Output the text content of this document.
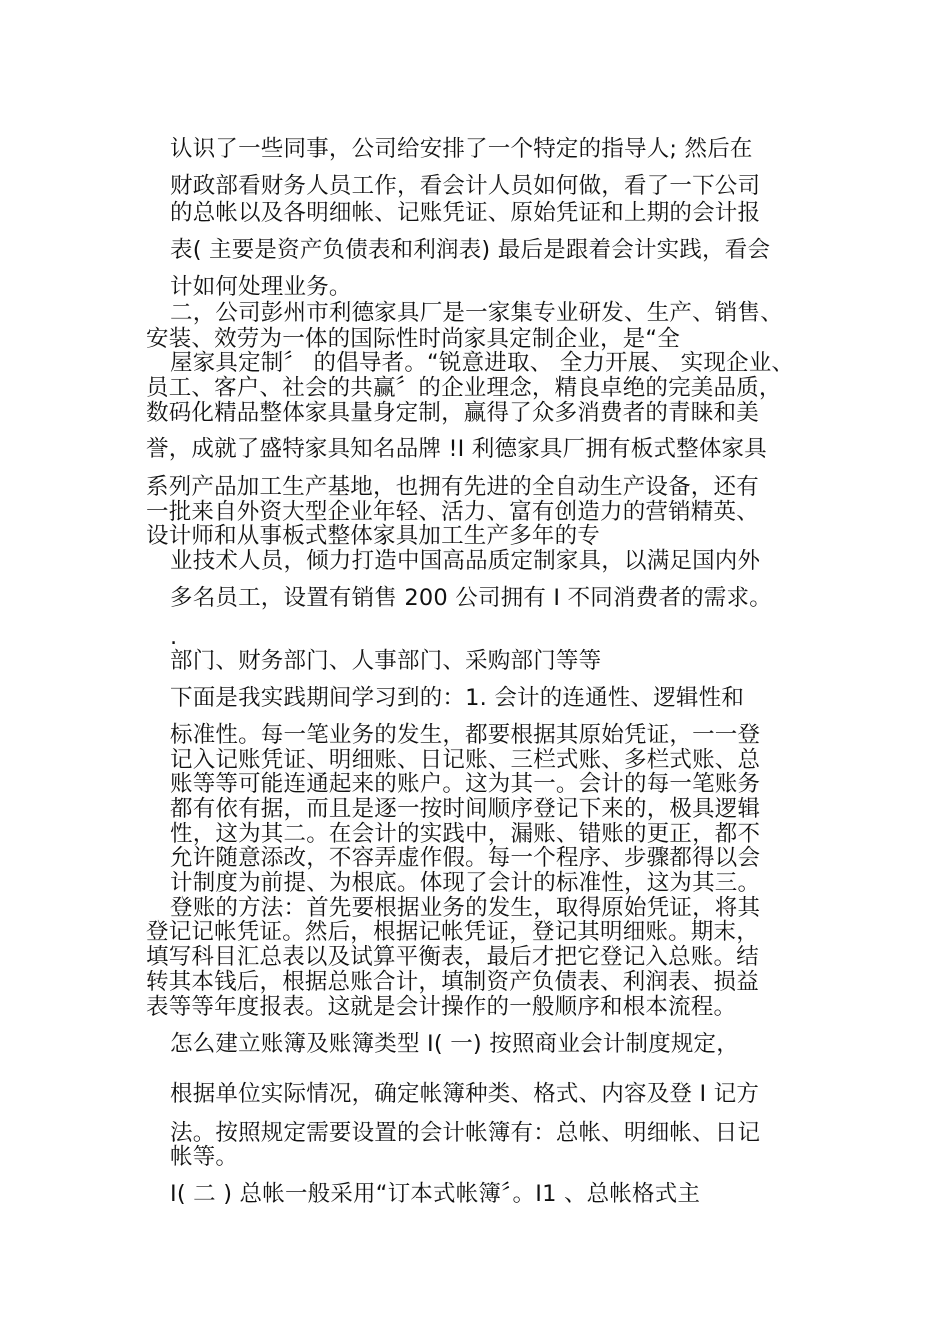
认识了一些同事，公司给安排了一个特定的指导人; 然后在

财政部看财务人员工作，看会计人员如何做，看了一下公司

的总帐以及各明细帐、记账凭证、原始凭证和上期的会计报

表( 主要是资产负债表和利润表) 最后是跟着会计实践，看会

计如何处理业务。

二，公司彭州市利德家具厂是一家集专业研发、生产、销售、

安装、效劳为一体的国际性时尚家具定制企业，是“全

屋家具定制〞 的倡导者。“锐意进取、 全力开展、 实现企业、

员工、客户、社会的共赢〞的企业理念，精良卓绝的完美品质，

数码化精品整体家具量身定制，赢得了众多消费者的青睐和美

誉，成就了盛特家具知名品牌 !I 利德家具厂拥有板式整体家具

系列产品加工生产基地，也拥有先进的全自动生产设备，还有

一批来自外资大型企业年轻、活力、富有创造力的营销精英、

设计师和从事板式整体家具加工生产多年的专

业技术人员，倾力打造中国高品质定制家具，以满足国内外

多名员工，设置有销售 200 公司拥有 I 不同消费者的需求。

.

部门、财务部门、人事部门、采购部门等等

下面是我实践期间学习到的：1. 会计的连通性、逻辑性和

标准性。每一笔业务的发生，都要根据其原始凭证，一一登

记入记账凭证、明细账、日记账、三栏式账、多栏式账、总

账等等可能连通起来的账户。这为其一。会计的每一笔账务

都有依有据，而且是逐一按时间顺序登记下来的，极具逻辑

性，这为其二。在会计的实践中，漏账、错账的更正，都不

允许随意添改，不容弄虚作假。每一个程序、步骤都得以会

计制度为前提、为根底。体现了会计的标准性，这为其三。

登账的方法：首先要根据业务的发生，取得原始凭证，将其

登记记帐凭证。然后，根据记帐凭证，登记其明细账。期末，

填写科目汇总表以及试算平衡表，最后才把它登记入总账。结

转其本钱后，根据总账合计，填制资产负债表、利润表、损益

表等等年度报表。这就是会计操作的一般顺序和根本流程。

怎么建立账簿及账簿类型 I( 一) 按照商业会计制度规定，

根据单位实际情况，确定帐簿种类、格式、内容及登 I 记方

法。按照规定需要设置的会计帐簿有：总帐、明细帐、日记

帐等。

I( 二 ) 总帐一般采用“订本式帐簿〞。I1 、总帐格式主
